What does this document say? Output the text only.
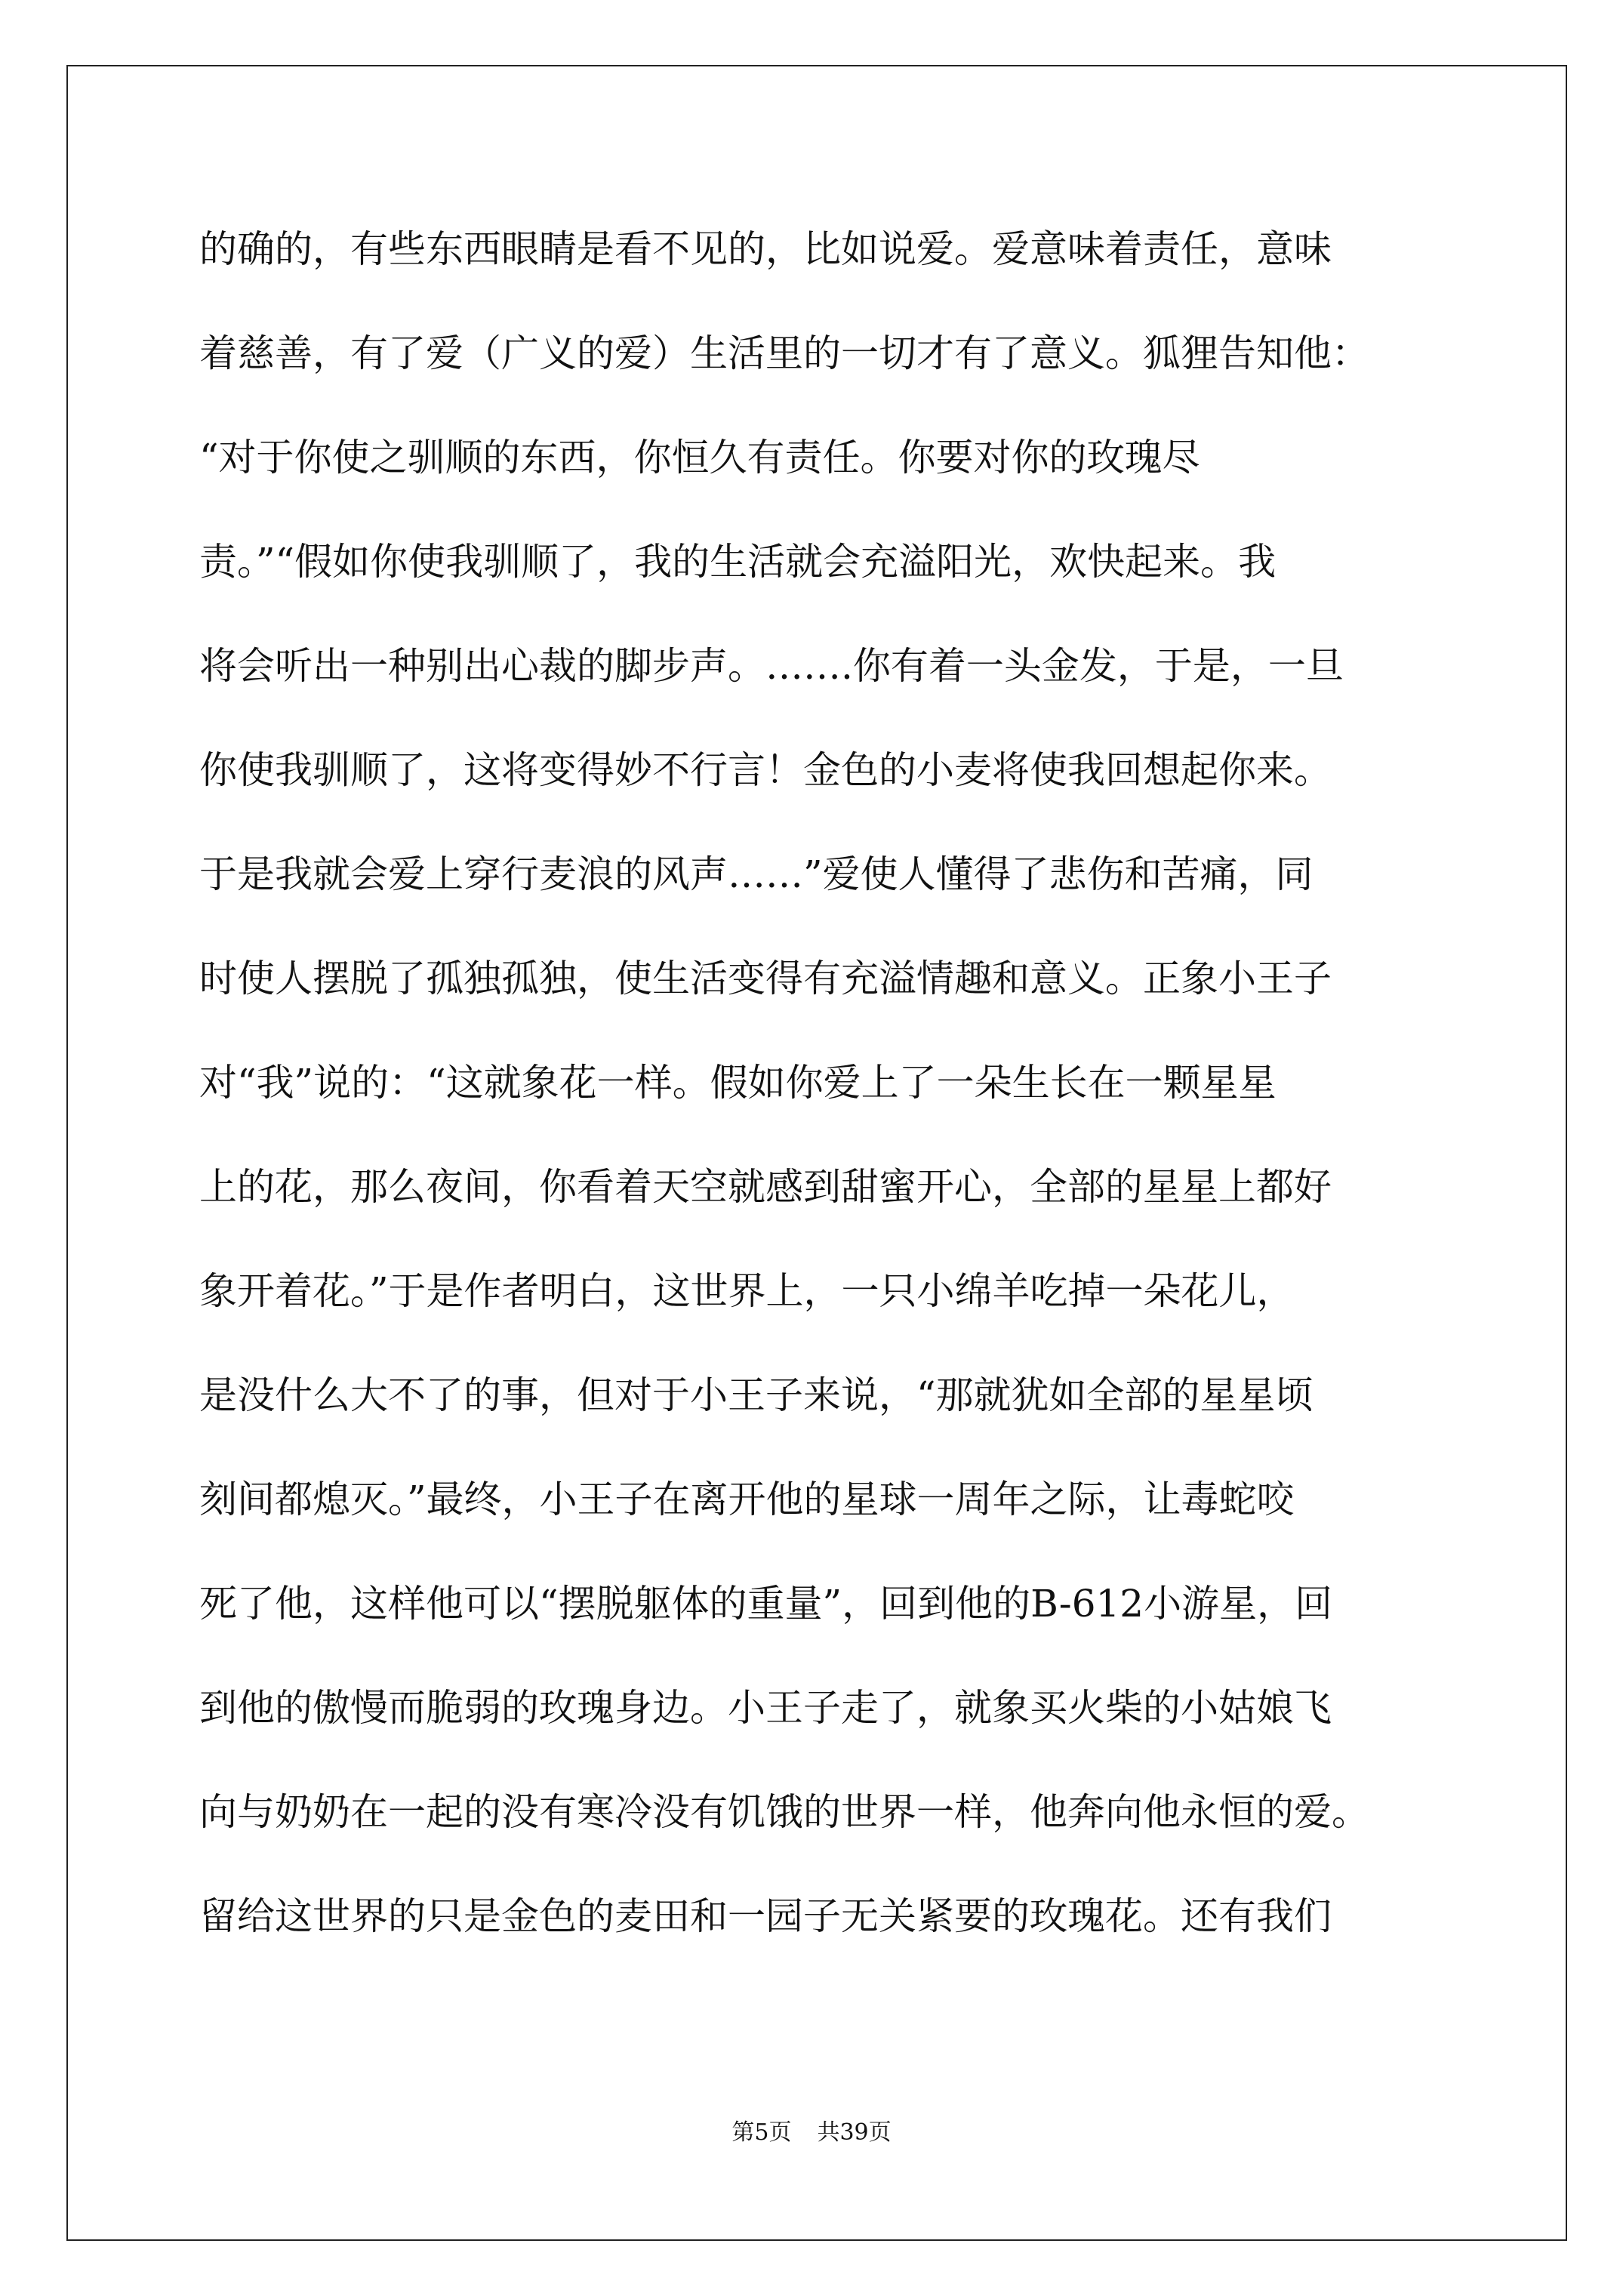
的确的，有些东西眼睛是看不见的，比如说爱。爱意味着责任，意味
着慈善，有了爱（广义的爱）生活里的一切才有了意义。狐狸告知他：
“对于你使之驯顺的东西，你恒久有责任。你要对你的玫瑰尽
责。”“假如你使我驯顺了，我的生活就会充溢阳光，欢快起来。我
将会听出一种别出心裁的脚步声。…….你有着一头金发，于是，一旦
你使我驯顺了，这将变得妙不行言！金色的小麦将使我回想起你来。
于是我就会爱上穿行麦浪的风声……”爱使人懂得了悲伤和苦痛，同
时使人摆脱了孤独孤独，使生活变得有充溢情趣和意义。正象小王子
对“我”说的：“这就象花一样。假如你爱上了一朵生长在一颗星星
上的花，那么夜间，你看着天空就感到甜蜜开心，全部的星星上都好
象开着花。”于是作者明白，这世界上，一只小绵羊吃掉一朵花儿，
是没什么大不了的事，但对于小王子来说，“那就犹如全部的星星顷
刻间都熄灭。”最终，小王子在离开他的星球一周年之际，让毒蛇咬
死了他，这样他可以“摆脱躯体的重量”，回到他的B-612小游星，回
到他的傲慢而脆弱的玫瑰身边。小王子走了，就象买火柴的小姑娘飞
向与奶奶在一起的没有寒冷没有饥饿的世界一样，他奔向他永恒的爱。
留给这世界的只是金色的麦田和一园子无关紧要的玫瑰花。还有我们
第5页 共39页
